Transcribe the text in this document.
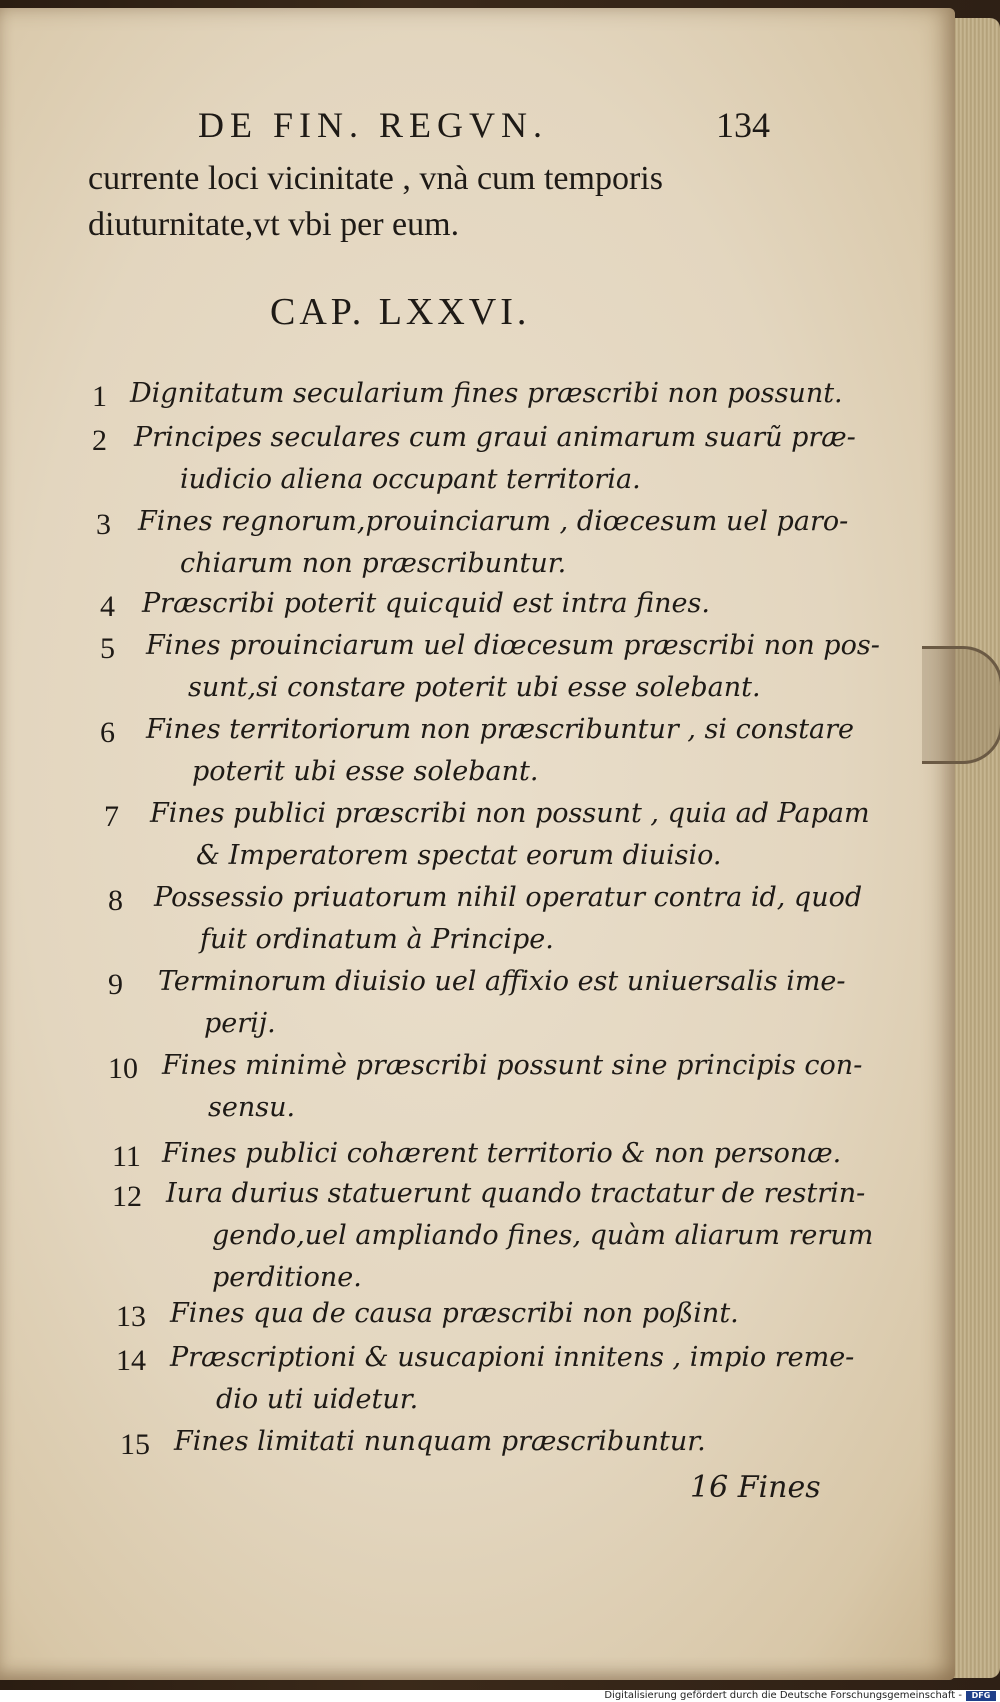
DE FIN. REGVN.	134
currente loci vicinitate , vnà cum temporis
diuturnitate,vt vbi per eum.
CAP. LXXVI.
1 Dignitatum secularium fines præscribi non possunt.
2 Principes seculares cum graui animarum suarũ præ-
iudicio aliena occupant territoria.
3 Fines regnorum,prouinciarum , diœcesum uel paro-
chiarum non præscribuntur.
4 Præscribi poterit quicquid est intra fines.
5 Fines prouinciarum uel diœcesum præscribi non pos-
sunt,si constare poterit ubi esse solebant.
6 Fines territoriorum non præscribuntur , si constare
poterit ubi esse solebant.
7 Fines publici præscribi non possunt , quia ad Papam
& Imperatorem spectat eorum diuisio.
8 Possessio priuatorum nihil operatur contra id, quod
fuit ordinatum à Principe.
9 Terminorum diuisio uel affixio est uniuersalis ime-
perij.
10 Fines minimè præscribi possunt sine principis con-
sensu.
11 Fines publici cohærent territorio & non personæ.
12 Iura durius statuerunt quando tractatur de restrin-
gendo,uel ampliando fines, quàm aliarum rerum
perditione.
13 Fines qua de causa præscribi non poßint.
14 Præscriptioni & usucapioni innitens , impio reme-
dio uti uidetur.
15 Fines limitati nunquam præscribuntur.
16 Fines
Digitalisierung gefördert durch die Deutsche Forschungsgemeinschaft -	DFG
